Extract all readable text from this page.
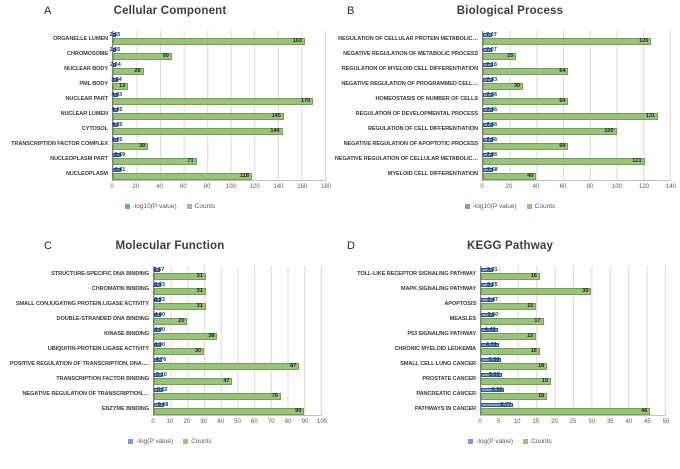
A	Cellular Component
ORGANELLE LUMEN
CHROMOSOME
NUCLEAR BODY
PML BODY
NUCLEAR PART
NUCLEAR LUMEN
CYTOSOL
TRANSCRIPTION FACTOR COMPLEX
NUCLEOPLASM PART
NUCLEOPLASM
2.55
163
2.55
50
2.94
26
3.84
13
4.03
170
4.35
145
4.35
144
4.35
30
6.69
71
6.81
118
0	20	40	60	80	100 120 140 160 180
-log10(P value)	Counts
B	Biological Process
REGULATION OF CELLULAR PROTEIN METABOLIC…
NEGATIVE REGULATION OF METABOLIC PROCESS
REGULATION OF MYELOID CELL DIFFERENTIATION
NEGATIVE REGULATION OF PROGRAMMED CELL…
HOMEOSTASIS OF NUMBER OF CELLS
REGULATION OF DEVELOPMENTAL PROCESS
REGULATION OF CELL DIFFERENTIATION
NEGATIVE REGULATION OF APOPTOTIC PROCESS
NEGATIVE REGULATION OF CELLULAR METABOLIC…
MYELOID CELL DIFFERENTIATION
7.07
126
7.07
25
7.18
64
7.33
30
7.36
64
7.36
131
7.36
100
7.36
64
7.36
121
7.68
40
0	20	40	60	80	100	120	140
-log10(P value)	Counts
C	Molecular Function
STRUCTURE-SPECIFIC DNA BINDING
CHROMATIN BINDING
SMALL CONJUGATING PROTEIN LIGASE ACTIVITY
DOUBLE-STRANDED DNA BINDING
KINASE BINDING
UBIQUITIN-PROTEIN LIGASE ACTIVITY
POSITIVE REGULATION OF TRANSCRIPTION, DNA-…
TRANSCRIPTION FACTOR BINDING
NEGATIVE REGULATION OF TRANSCRIPTION,…
ENZYME BINDING
3.57
31
3.93
31
3.93
31
4.00
20
4.00
38
4.00
30
4.76
87
5.10
47
5.52
76
6.08
90
0 10 20 30 40 50 60 70 80 90 100
-log(P value)	Counts
D	KEGG Pathway
TOLL-LIKE RECEPTOR SIGNALING PATHWAY
MAPK SIGNALING PATHWAY
APOPTOSIS
MEASLES
P53 SIGNALING PATHWAY
CHRONIC MYELOID LEUKEMIA
SMALL CELL LUNG CANCER
PROSTATE CANCER
PANCREATIC CANCER
PATHWAYS IN CANCER
3.31
16
3.35
30
3.47
15
3.50
17
4.49
15
4.78
16
5.56
18
5.59
19
6.36
18
8.77
46
0	5 10 15 20 25 30 35 40 45 50
-log(P value)	Counts
